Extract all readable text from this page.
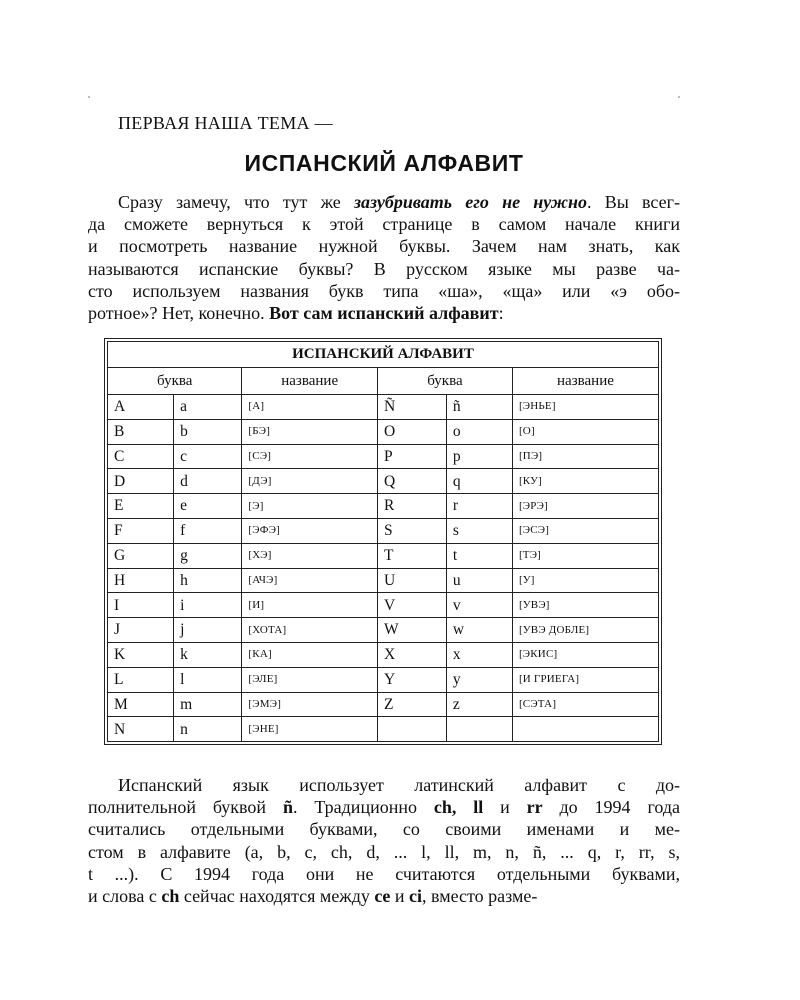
ПЕРВАЯ НАША ТЕМА —
ИСПАНСКИЙ АЛФАВИТ
Сразу замечу, что тут же зазубривать его не нужно. Вы всег-
да сможете вернуться к этой странице в самом начале книги
и посмотреть название нужной буквы. Зачем нам знать, как
называются испанские буквы? В русском языке мы разве ча-
сто используем названия букв типа «ша», «ща» или «э обо-
ротное»? Нет, конечно. Вот сам испанский алфавит:
ИСПАНСКИЙ АЛФАВИТ					
буква		название	буква		название
A	a	[А]	Ñ	ñ	[ЭНЬЕ]
B	b	[БЭ]	O	o	[О]
C	c	[СЭ]	P	p	[ПЭ]
D	d	[ДЭ]	Q	q	[КУ]
E	e	[Э]	R	r	[ЭРЭ]
F	f	[ЭФЭ]	S	s	[ЭСЭ]
G	g	[ХЭ]	T	t	[ТЭ]
H	h	[АЧЭ]	U	u	[У]
I	i	[И]	V	v	[УВЭ]
J	j	[ХОТА]	W	w	[УВЭ ДОБЛЕ]
K	k	[КА]	X	x	[ЭКИС]
L	l	[ЭЛЕ]	Y	y	[И ГРИЕГА]
M	m	[ЭМЭ]	Z	z	[СЭТА]
N	n	[ЭНЕ]			
Испанский язык использует латинский алфавит с до-
полнительной буквой ñ. Традиционно ch, ll и rr до 1994 года
считались отдельными буквами, со своими именами и ме-
стом в алфавите (a, b, c, ch, d, ... l, ll, m, n, ñ, ... q, r, rr, s,
t ...). С 1994 года они не считаются отдельными буквами,
и слова с ch сейчас находятся между ce и ci, вместо разме-
